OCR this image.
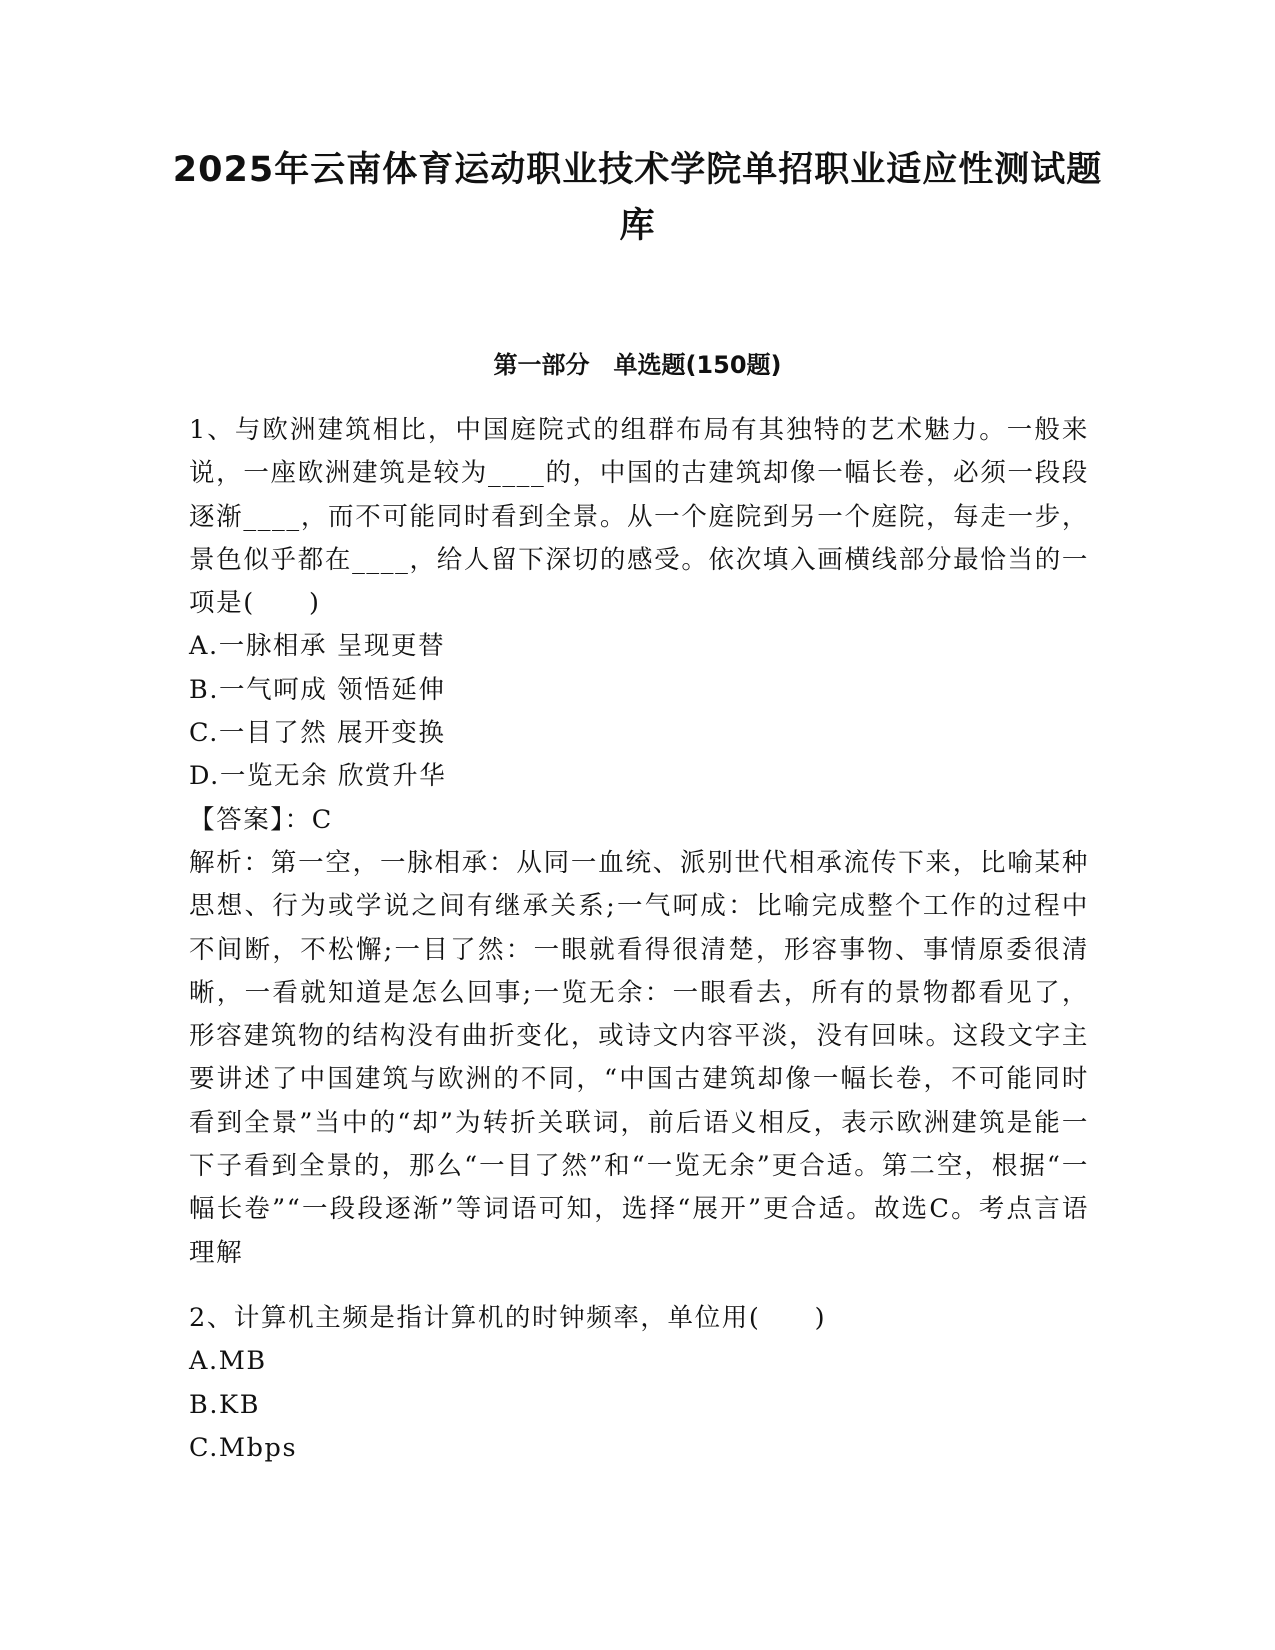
2025年云南体育运动职业技术学院单招职业适应性测试题库
第一部分　单选题(150题)

1、与欧洲建筑相比，中国庭院式的组群布局有其独特的艺术魅力。一般来说，一座欧洲建筑是较为____的，中国的古建筑却像一幅长卷，必须一段段逐渐____，而不可能同时看到全景。从一个庭院到另一个庭院，每走一步，景色似乎都在____，给人留下深切的感受。依次填入画横线部分最恰当的一项是(　　)

A.一脉相承 呈现更替

B.一气呵成 领悟延伸

C.一目了然 展开变换

D.一览无余 欣赏升华

【答案】：C

解析：第一空，一脉相承：从同一血统、派别世代相承流传下来，比喻某种思想、行为或学说之间有继承关系;一气呵成：比喻完成整个工作的过程中不间断，不松懈;一目了然：一眼就看得很清楚，形容事物、事情原委很清晰，一看就知道是怎么回事;一览无余：一眼看去，所有的景物都看见了，形容建筑物的结构没有曲折变化，或诗文内容平淡，没有回味。这段文字主要讲述了中国建筑与欧洲的不同，“中国古建筑却像一幅长卷，不可能同时看到全景”当中的“却”为转折关联词，前后语义相反，表示欧洲建筑是能一下子看到全景的，那么“一目了然”和“一览无余”更合适。第二空，根据“一幅长卷”“一段段逐渐”等词语可知，选择“展开”更合适。故选C。考点言语理解

2、计算机主频是指计算机的时钟频率，单位用(　　)

A.MB

B.KB

C.Mbps
